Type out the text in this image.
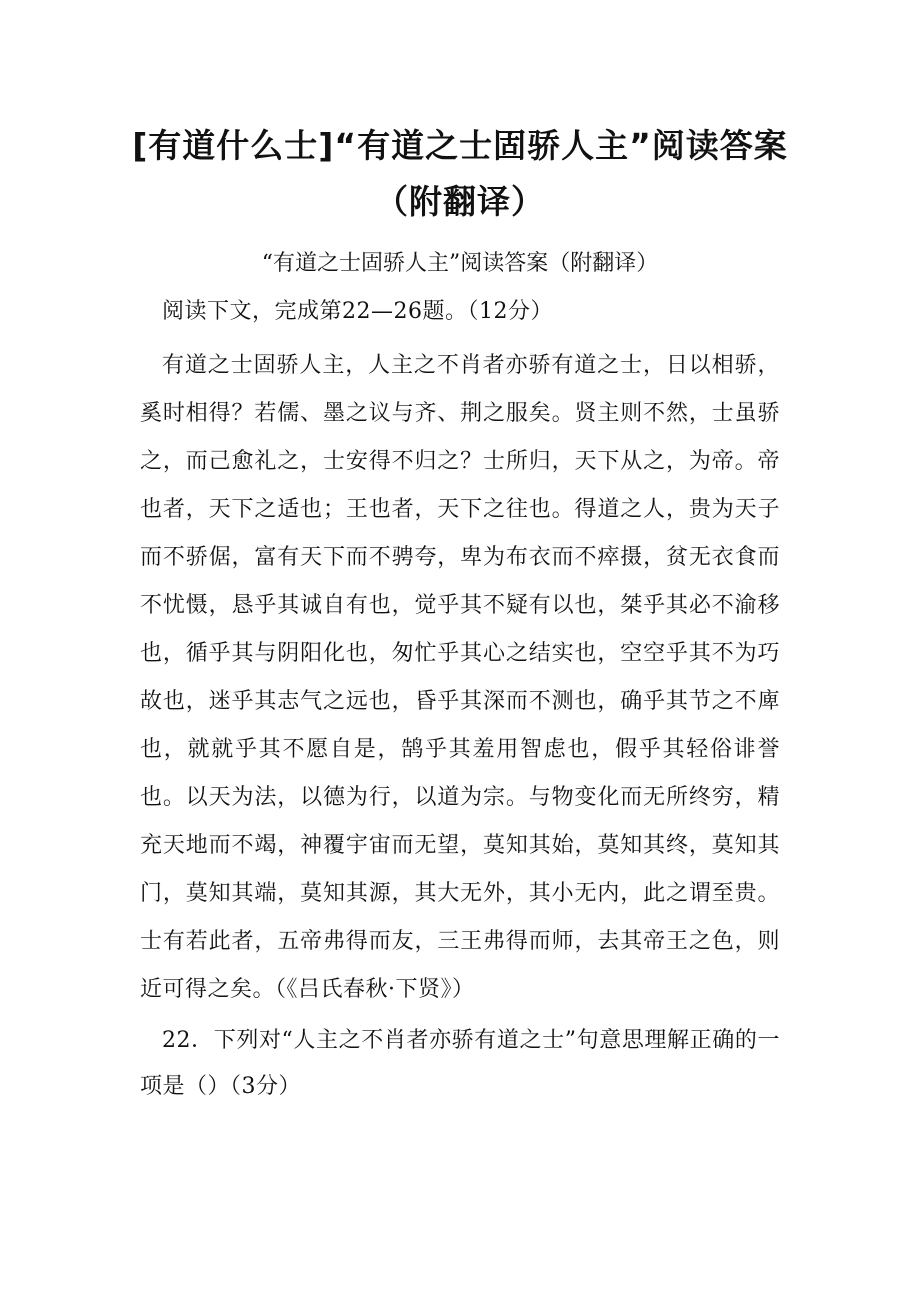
[有道什么士]“有道之士固骄人主”阅读答案（附翻译）

“有道之士固骄人主”阅读答案（附翻译）

阅读下文，完成第22—26题。（12分）

有道之士固骄人主，人主之不肖者亦骄有道之士，日以相骄，奚时相得？若儒、墨之议与齐、荆之服矣。贤主则不然，士虽骄之，而己愈礼之，士安得不归之？士所归，天下从之，为帝。帝也者，天下之适也；王也者，天下之往也。得道之人，贵为天子而不骄倨，富有天下而不骋夸，卑为布衣而不瘁摄，贫无衣食而不忧慑，恳乎其诚自有也，觉乎其不疑有以也，桀乎其必不渝移也，循乎其与阴阳化也，匆忙乎其心之结实也，空空乎其不为巧故也，迷乎其志气之远也，昏乎其深而不测也，确乎其节之不庳也，就就乎其不愿自是，鹄乎其羞用智虑也，假乎其轻俗诽誉也。以天为法，以德为行，以道为宗。与物变化而无所终穷，精充天地而不竭，神覆宇宙而无望，莫知其始，莫知其终，莫知其门，莫知其端，莫知其源，其大无外，其小无内，此之谓至贵。士有若此者，五帝弗得而友，三王弗得而师，去其帝王之色，则近可得之矣。（《吕氏春秋·下贤》）

22．下列对“人主之不肖者亦骄有道之士”句意思理解正确的一项是（）（3分）
